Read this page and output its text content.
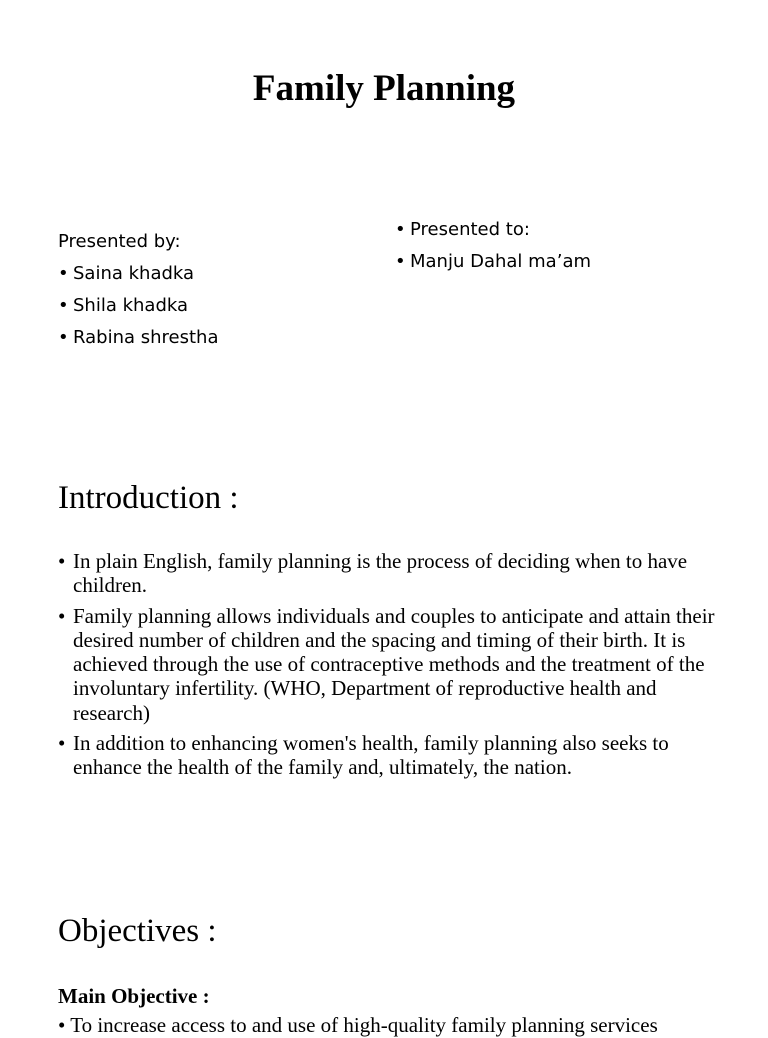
Family Planning
Presented by:
• Saina khadka
• Shila khadka
• Rabina shrestha
• Presented to:
• Manju Dahal ma’am
Introduction :
• In plain English, family planning is the process of deciding when to have children.
• Family planning allows individuals and couples to anticipate and attain their desired number of children and the spacing and timing of their birth. It is achieved through the use of contraceptive methods and the treatment of the involuntary infertility. (WHO, Department of reproductive health and research)
• In addition to enhancing women's health, family planning also seeks to enhance the health of the family and, ultimately, the nation.
Objectives :
Main Objective :
• To increase access to and use of high-quality family planning services
